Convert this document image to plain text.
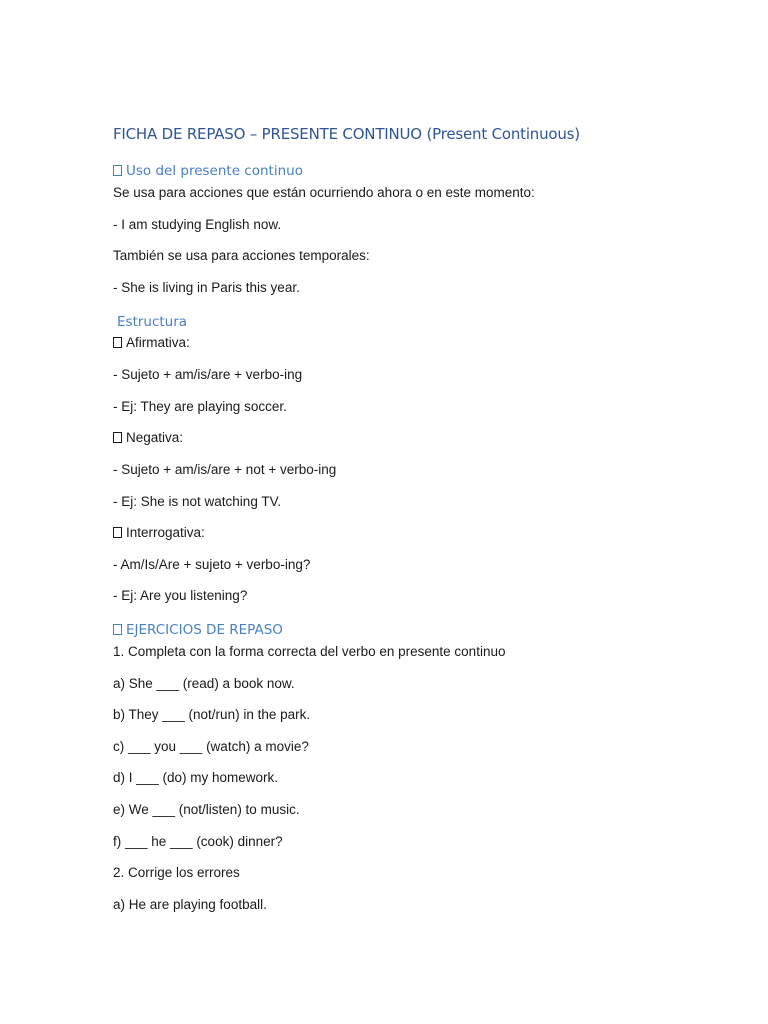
FICHA DE REPASO – PRESENTE CONTINUO (Present Continuous)
Uso del presente continuo
Se usa para acciones que están ocurriendo ahora o en este momento:
- I am studying English now.
También se usa para acciones temporales:
- She is living in Paris this year.
Estructura
Afirmativa:
- Sujeto + am/is/are + verbo-ing
- Ej: They are playing soccer.
Negativa:
- Sujeto + am/is/are + not + verbo-ing
- Ej: She is not watching TV.
Interrogativa:
- Am/Is/Are + sujeto + verbo-ing?
- Ej: Are you listening?
EJERCICIOS DE REPASO
1. Completa con la forma correcta del verbo en presente continuo
a) She ___ (read) a book now.
b) They ___ (not/run) in the park.
c) ___ you ___ (watch) a movie?
d) I ___ (do) my homework.
e) We ___ (not/listen) to music.
f) ___ he ___ (cook) dinner?
2. Corrige los errores
a) He are playing football.
